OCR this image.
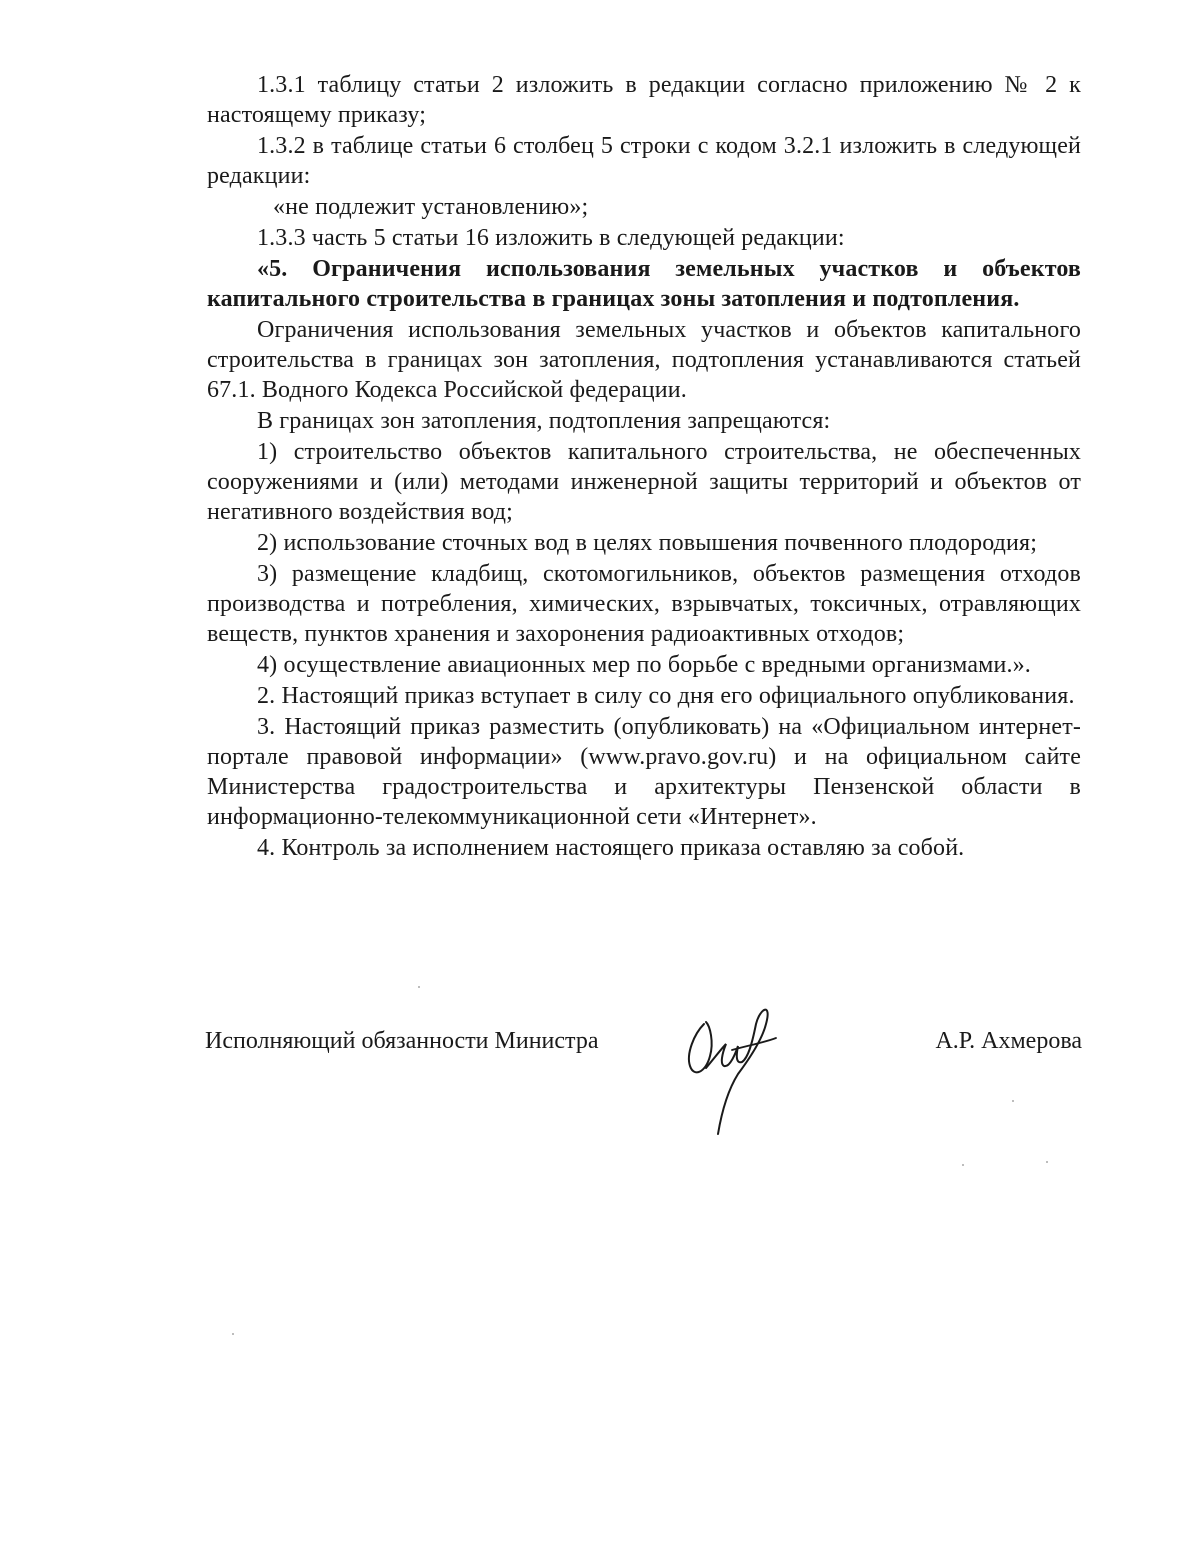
1.3.1 таблицу статьи 2 изложить в редакции согласно приложению № 2 к настоящему приказу;

1.3.2 в таблице статьи 6 столбец 5 строки с кодом 3.2.1 изложить в следующей редакции:

«не подлежит установлению»;

1.3.3 часть 5 статьи 16 изложить в следующей редакции:

«5. Ограничения использования земельных участков и объектов капитального строительства в границах зоны затопления и подтопления.

Ограничения использования земельных участков и объектов капитального строительства в границах зон затопления, подтопления устанавливаются статьей 67.1. Водного Кодекса Российской федерации.

В границах зон затопления, подтопления запрещаются:

1) строительство объектов капитального строительства, не обеспеченных сооружениями и (или) методами инженерной защиты территорий и объектов от негативного воздействия вод;

2) использование сточных вод в целях повышения почвенного плодородия;

3) размещение кладбищ, скотомогильников, объектов размещения отходов производства и потребления, химических, взрывчатых, токсичных, отравляющих веществ, пунктов хранения и захоронения радиоактивных отходов;

4) осуществление авиационных мер по борьбе с вредными организмами.».

2. Настоящий приказ вступает в силу со дня его официального опубликования.

3. Настоящий приказ разместить (опубликовать) на «Официальном интернет-портале правовой информации» (www.pravo.gov.ru) и на официальном сайте Министерства градостроительства и архитектуры Пензенской области в информационно-телекоммуникационной сети «Интернет».

4. Контроль за исполнением настоящего приказа оставляю за собой.

Исполняющий обязанности Министра	А.Р. Ахмерова
